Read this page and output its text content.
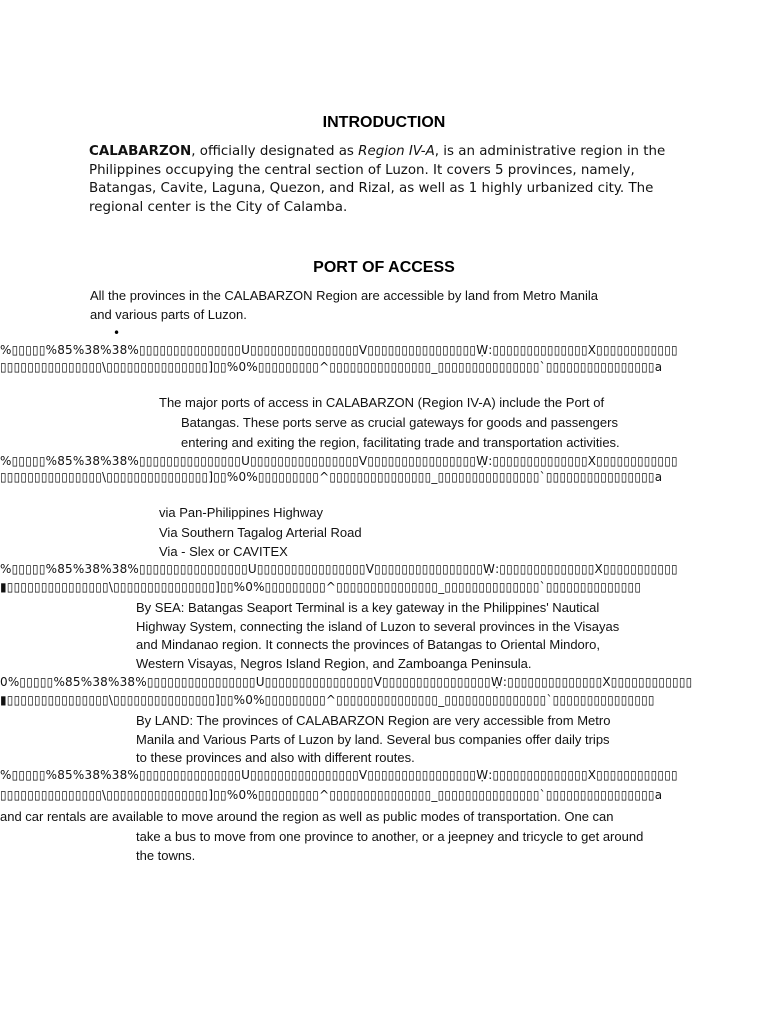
INTRODUCTION
CALABARZON, officially designated as Region IV-A, is an administrative region in the Philippines occupying the central section of Luzon. It covers 5 provinces, namely, Batangas, Cavite, Laguna, Quezon, and Rizal, as well as 1 highly urbanized city. The regional center is the City of Calamba.
PORT OF ACCESS
All the provinces in the CALABARZON Region are accessible by land from Metro Manila
and various parts of Luzon.
•
%▯▯▯▯▯%85%38%38%▯▯▯▯▯▯▯▯▯▯▯▯▯▯▯U▯▯▯▯▯▯▯▯▯▯▯▯▯▯▯▯V▯▯▯▯▯▯▯▯▯▯▯▯▯▯▯▯Ẉ:▯▯▯▯▯▯▯▯▯▯▯▯▯▯X▯▯▯▯▯▯▯▯▯▯▯▯
▯▯▯▯▯▯▯▯▯▯▯▯▯▯▯\▯▯▯▯▯▯▯▯▯▯▯▯▯▯▯]▯▯%0%▯▯▯▯▯▯▯▯▯^▯▯▯▯▯▯▯▯▯▯▯▯▯▯▯_▯▯▯▯▯▯▯▯▯▯▯▯▯▯▯`▯▯▯▯▯▯▯▯▯▯▯▯▯▯▯▯a
The major ports of access in CALABARZON (Region IV-A) include the Port of
Batangas. These ports serve as crucial gateways for goods and passengers
entering and exiting the region, facilitating trade and transportation activities.
%▯▯▯▯▯%85%38%38%▯▯▯▯▯▯▯▯▯▯▯▯▯▯▯U▯▯▯▯▯▯▯▯▯▯▯▯▯▯▯▯V▯▯▯▯▯▯▯▯▯▯▯▯▯▯▯▯Ẉ:▯▯▯▯▯▯▯▯▯▯▯▯▯▯X▯▯▯▯▯▯▯▯▯▯▯▯
▯▯▯▯▯▯▯▯▯▯▯▯▯▯▯\▯▯▯▯▯▯▯▯▯▯▯▯▯▯▯]▯▯%0%▯▯▯▯▯▯▯▯▯^▯▯▯▯▯▯▯▯▯▯▯▯▯▯▯_▯▯▯▯▯▯▯▯▯▯▯▯▯▯▯`▯▯▯▯▯▯▯▯▯▯▯▯▯▯▯▯a
via Pan-Philippines Highway
Via Southern Tagalog Arterial Road
Via - Slex or CAVITEX
%▯▯▯▯▯%85%38%38%▯▯▯▯▯▯▯▯▯▯▯▯▯▯▯▯U▯▯▯▯▯▯▯▯▯▯▯▯▯▯▯▯V▯▯▯▯▯▯▯▯▯▯▯▯▯▯▯▯Ẉ:▯▯▯▯▯▯▯▯▯▯▯▯▯▯X▯▯▯▯▯▯▯▯▯▯▯
▮▯▯▯▯▯▯▯▯▯▯▯▯▯▯▯\▯▯▯▯▯▯▯▯▯▯▯▯▯▯▯]▯▯%0%▯▯▯▯▯▯▯▯▯^▯▯▯▯▯▯▯▯▯▯▯▯▯▯▯_▯▯▯▯▯▯▯▯▯▯▯▯▯▯`▯▯▯▯▯▯▯▯▯▯▯▯▯▯
By SEA: Batangas Seaport Terminal is a key gateway in the Philippines' Nautical
Highway System, connecting the island of Luzon to several provinces in the Visayas
and Mindanao region. It connects the provinces of Batangas to Oriental Mindoro,
Western Visayas, Negros Island Region, and Zamboanga Peninsula.
0%▯▯▯▯▯%85%38%38%▯▯▯▯▯▯▯▯▯▯▯▯▯▯▯▯U▯▯▯▯▯▯▯▯▯▯▯▯▯▯▯▯V▯▯▯▯▯▯▯▯▯▯▯▯▯▯▯▯Ẉ:▯▯▯▯▯▯▯▯▯▯▯▯▯▯X▯▯▯▯▯▯▯▯▯▯▯▯
▮▯▯▯▯▯▯▯▯▯▯▯▯▯▯▯\▯▯▯▯▯▯▯▯▯▯▯▯▯▯▯]▯▯%0%▯▯▯▯▯▯▯▯▯^▯▯▯▯▯▯▯▯▯▯▯▯▯▯▯_▯▯▯▯▯▯▯▯▯▯▯▯▯▯▯`▯▯▯▯▯▯▯▯▯▯▯▯▯▯▯
By LAND: The provinces of CALABARZON Region are very accessible from Metro
Manila and Various Parts of Luzon by land. Several bus companies offer daily trips
to these provinces and also with different routes.
%▯▯▯▯▯%85%38%38%▯▯▯▯▯▯▯▯▯▯▯▯▯▯▯U▯▯▯▯▯▯▯▯▯▯▯▯▯▯▯▯V▯▯▯▯▯▯▯▯▯▯▯▯▯▯▯▯Ẉ:▯▯▯▯▯▯▯▯▯▯▯▯▯▯X▯▯▯▯▯▯▯▯▯▯▯▯
▯▯▯▯▯▯▯▯▯▯▯▯▯▯▯\▯▯▯▯▯▯▯▯▯▯▯▯▯▯▯]▯▯%0%▯▯▯▯▯▯▯▯▯^▯▯▯▯▯▯▯▯▯▯▯▯▯▯▯_▯▯▯▯▯▯▯▯▯▯▯▯▯▯▯`▯▯▯▯▯▯▯▯▯▯▯▯▯▯▯▯a
and car rentals are available to move around the region as well as public modes of transportation. One can
take a bus to move from one province to another, or a jeepney and tricycle to get around
the towns.
